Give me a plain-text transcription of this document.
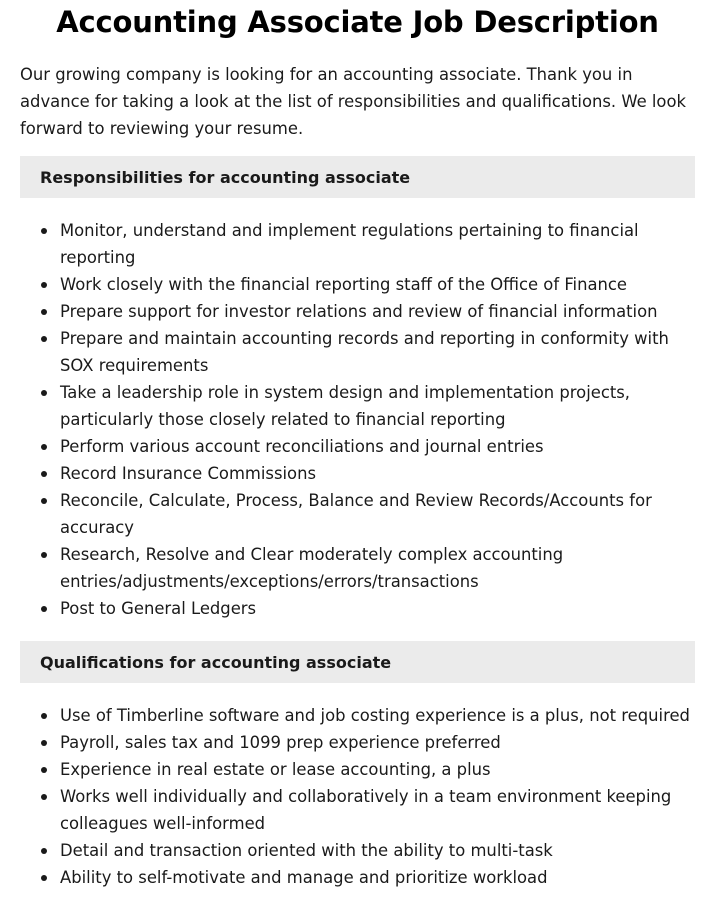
Accounting Associate Job Description

Our growing company is looking for an accounting associate. Thank you in advance for taking a look at the list of responsibilities and qualifications. We look forward to reviewing your resume.

Responsibilities for accounting associate
Monitor, understand and implement regulations pertaining to financial reporting
Work closely with the financial reporting staff of the Office of Finance
Prepare support for investor relations and review of financial information
Prepare and maintain accounting records and reporting in conformity with SOX requirements
Take a leadership role in system design and implementation projects, particularly those closely related to financial reporting
Perform various account reconciliations and journal entries
Record Insurance Commissions
Reconcile, Calculate, Process, Balance and Review Records/Accounts for accuracy
Research, Resolve and Clear moderately complex accounting entries/adjustments/exceptions/errors/transactions
Post to General Ledgers
Qualifications for accounting associate
Use of Timberline software and job costing experience is a plus, not required
Payroll, sales tax and 1099 prep experience preferred
Experience in real estate or lease accounting, a plus
Works well individually and collaboratively in a team environment keeping colleagues well-informed
Detail and transaction oriented with the ability to multi-task
Ability to self-motivate and manage and prioritize workload
